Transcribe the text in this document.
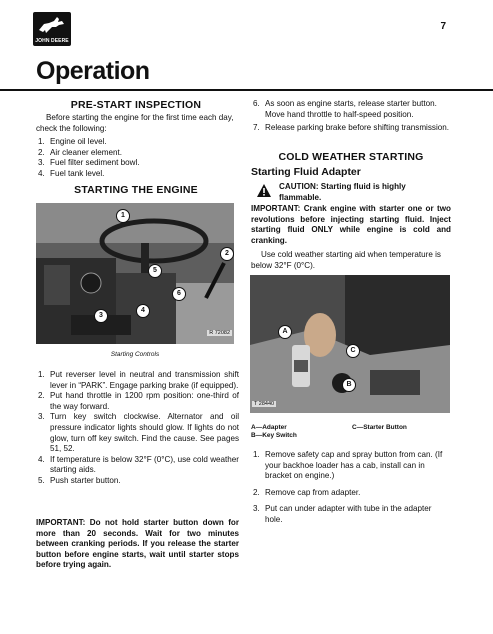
JOHN DEERE
7
Operation
PRE-START INSPECTION
Before starting the engine for the first time each day, check the following:
1. Engine oil level.
2. Air cleaner element.
3. Fuel filter sediment bowl.
4. Fuel tank level.
STARTING THE ENGINE
1
2
3
4
5
6
R 72082
Starting Controls
1. Put reverser level in neutral and transmission shift lever in “PARK”. Engage parking brake (if equipped).
2. Put hand throttle in 1200 rpm position: one-third of the way forward.
3. Turn key switch clockwise. Alternator and oil pressure indicator lights should glow. If lights do not glow, turn off key switch. Find the cause. See pages 51, 52.
4. If temperature is below 32°F (0°C), use cold weather starting aids.
5. Push starter button.
IMPORTANT: Do not hold starter button down for more than 20 seconds. Wait for two minutes between cranking periods. If you release the starter button before engine starts, wait until starter stops before trying again.
6. As soon as engine starts, release starter button. Move hand throttle to half-speed position.
7. Release parking brake before shifting transmission.
COLD WEATHER STARTING
Starting Fluid Adapter
CAUTION: Starting fluid is highly flammable.
IMPORTANT: Crank engine with starter one or two revolutions before injecting starting fluid. Inject starting fluid ONLY while engine is cold and cranking.
Use cold weather starting aid when temperature is below 32°F (0°C).
A
B
C
T 28440
A—Adapter
B—Key Switch
C—Starter Button
1. Remove safety cap and spray button from can. (If your backhoe loader has a cab, install can in bracket on engine.)
2. Remove cap from adapter.
3. Put can under adapter with tube in the adapter hole.
